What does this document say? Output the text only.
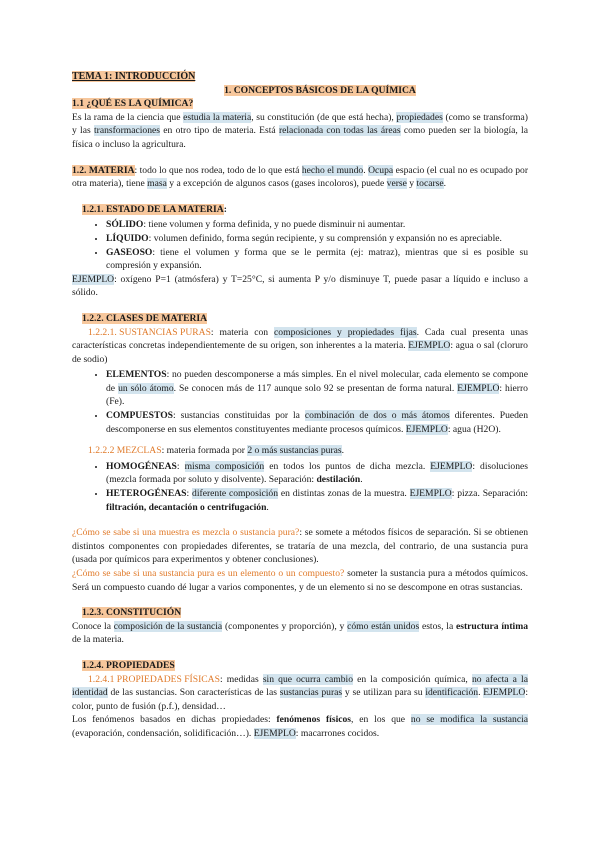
TEMA 1: INTRODUCCIÓN

1. CONCEPTOS BÁSICOS DE LA QUÍMICA

1.1 ¿QUÉ ES LA QUÍMICA?

Es la rama de la ciencia que estudia la materia, su constitución (de que está hecha), propiedades (como se transforma) y las transformaciones en otro tipo de materia. Está relacionada con todas las áreas como pueden ser la biología, la física o incluso la agricultura.

1.2. MATERIA: todo lo que nos rodea, todo de lo que está hecho el mundo. Ocupa espacio (el cual no es ocupado por otra materia), tiene masa y a excepción de algunos casos (gases incoloros), puede verse y tocarse.

1.2.1. ESTADO DE LA MATERIA:

• SÓLIDO: tiene volumen y forma definida, y no puede disminuir ni aumentar.
• LÍQUIDO: volumen definido, forma según recipiente, y su comprensión y expansión no es apreciable.
• GASEOSO: tiene el volumen y forma que se le permita (ej: matraz), mientras que si es posible su compresión y expansión.

EJEMPLO: oxígeno P=1 (atmósfera) y T=25°C, si aumenta P y/o disminuye T, puede pasar a líquido e incluso a sólido.

1.2.2. CLASES DE MATERIA

1.2.2.1. SUSTANCIAS PURAS: materia con composiciones y propiedades fijas. Cada cual presenta unas características concretas independientemente de su origen, son inherentes a la materia. EJEMPLO: agua o sal (cloruro de sodio)

• ELEMENTOS: no pueden descomponerse a más simples. En el nivel molecular, cada elemento se compone de un sólo átomo. Se conocen más de 117 aunque solo 92 se presentan de forma natural. EJEMPLO: hierro (Fe).
• COMPUESTOS: sustancias constituidas por la combinación de dos o más átomos diferentes. Pueden descomponerse en sus elementos constituyentes mediante procesos químicos. EJEMPLO: agua (H2O).

1.2.2.2 MEZCLAS: materia formada por 2 o más sustancias puras.

• HOMOGÉNEAS: misma composición en todos los puntos de dicha mezcla. EJEMPLO: disoluciones (mezcla formada por soluto y disolvente). Separación: destilación.
• HETEROGÉNEAS: diferente composición en distintas zonas de la muestra. EJEMPLO: pizza. Separación: filtración, decantación o centrifugación.

¿Cómo se sabe si una muestra es mezcla o sustancia pura?: se somete a métodos físicos de separación. Si se obtienen distintos componentes con propiedades diferentes, se trataría de una mezcla, del contrario, de una sustancia pura (usada por químicos para experimentos y obtener conclusiones).

¿Cómo se sabe si una sustancia pura es un elemento o un compuesto? someter la sustancia pura a métodos químicos. Será un compuesto cuando dé lugar a varios componentes, y de un elemento si no se descompone en otras sustancias.

1.2.3. CONSTITUCIÓN

Conoce la composición de la sustancia (componentes y proporción), y cómo están unidos estos, la estructura íntima de la materia.

1.2.4. PROPIEDADES

1.2.4.1 PROPIEDADES FÍSICAS: medidas sin que ocurra cambio en la composición química, no afecta a la identidad de las sustancias. Son características de las sustancias puras y se utilizan para su identificación. EJEMPLO: color, punto de fusión (p.f.), densidad…

Los fenómenos basados en dichas propiedades: fenómenos físicos, en los que no se modifica la sustancia (evaporación, condensación, solidificación…). EJEMPLO: macarrones cocidos.
